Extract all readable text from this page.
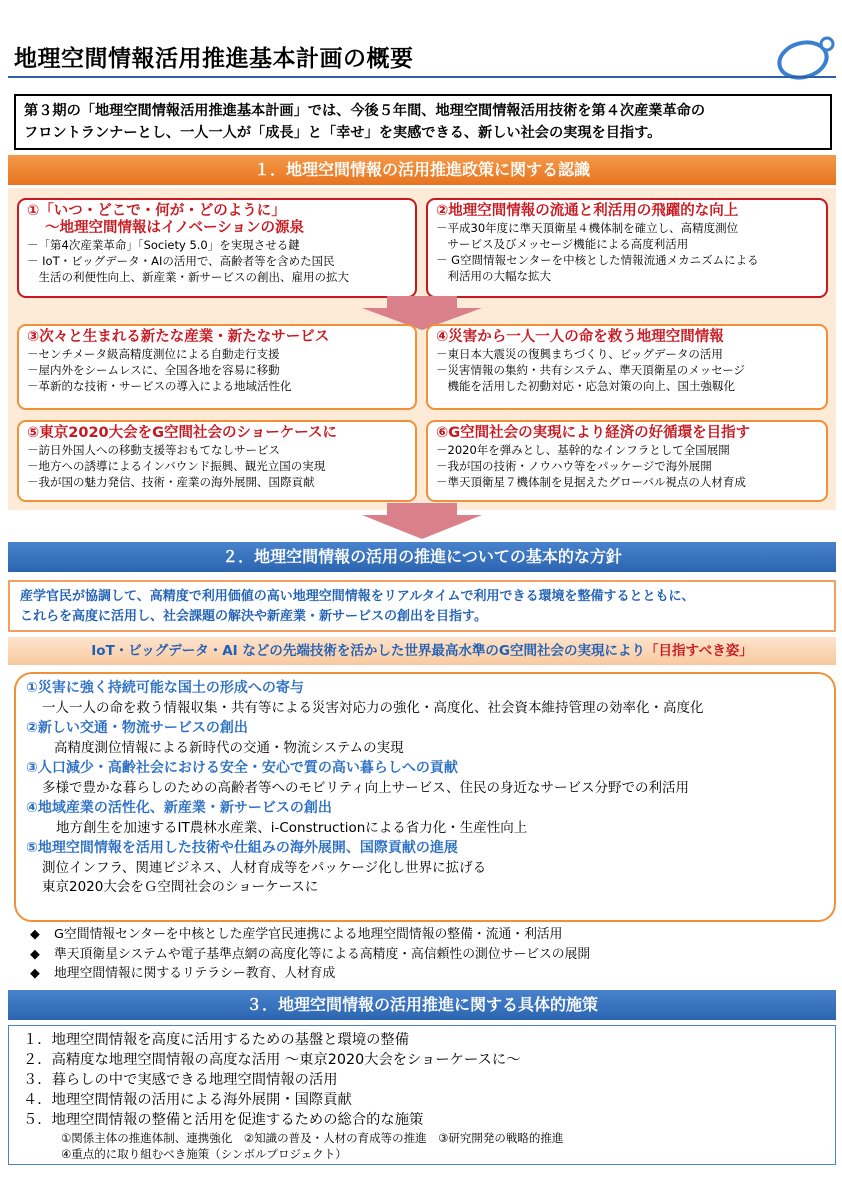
地理空間情報活用推進基本計画の概要
第３期の「地理空間情報活用推進基本計画」では、今後５年間、地理空間情報活用技術を第４次産業革命の
フロントランナーとし、一人一人が「成長」と「幸せ」を実感できる、新しい社会の実現を目指す。
１．地理空間情報の活用推進政策に関する認識
①「いつ・どこで・何が・どのように」
〜地理空間情報はイノベーションの源泉
－「第4次産業革命」「Society 5.0」を実現させる鍵
－ IoT・ビッグデータ・AIの活用で、高齢者等を含めた国民
　生活の利便性向上、新産業・新サービスの創出、雇用の拡大
②地理空間情報の流通と利活用の飛躍的な向上
－平成30年度に準天頂衛星４機体制を確立し、高精度測位
　サービス及びメッセージ機能による高度利活用
－ G空間情報センターを中核とした情報流通メカニズムによる
　利活用の大幅な拡大
③次々と生まれる新たな産業・新たなサービス
－センチメータ級高精度測位による自動走行支援
－屋内外をシームレスに、全国各地を容易に移動
－革新的な技術・サービスの導入による地域活性化
④災害から一人一人の命を救う地理空間情報
－東日本大震災の復興まちづくり、ビッグデータの活用
－災害情報の集約・共有システム、準天頂衛星のメッセージ
　機能を活用した初動対応・応急対策の向上、国土強靱化
⑤東京2020大会をG空間社会のショーケースに
－訪日外国人への移動支援等おもてなしサービス
－地方への誘導によるインバウンド振興、観光立国の実現
－我が国の魅力発信、技術・産業の海外展開、国際貢献
⑥G空間社会の実現により経済の好循環を目指す
－2020年を弾みとし、基幹的なインフラとして全国展開
－我が国の技術・ノウハウ等をパッケージで海外展開
－準天頂衛星７機体制を見据えたグローバル視点の人材育成
２．地理空間情報の活用の推進についての基本的な方針
産学官民が協調して、高精度で利用価値の高い地理空間情報をリアルタイムで利用できる環境を整備するとともに、
これらを高度に活用し、社会課題の解決や新産業・新サービスの創出を目指す。
IoT・ビッグデータ・AI などの先端技術を活かした世界最高水準のG空間社会の実現により「目指すべき姿」
①災害に強く持続可能な国土の形成への寄与
一人一人の命を救う情報収集・共有等による災害対応力の強化・高度化、社会資本維持管理の効率化・高度化
②新しい交通・物流サービスの創出
高精度測位情報による新時代の交通・物流システムの実現
③人口減少・高齢社会における安全・安心で質の高い暮らしへの貢献
多様で豊かな暮らしのための高齢者等へのモビリティ向上サービス、住民の身近なサービス分野での利活用
④地域産業の活性化、新産業・新サービスの創出
地方創生を加速するIT農林水産業、i-Constructionによる省力化・生産性向上
⑤地理空間情報を活用した技術や仕組みの海外展開、国際貢献の進展
測位インフラ、関連ビジネス、人材育成等をパッケージ化し世界に拡げる
東京2020大会をＧ空間社会のショーケースに
◆ G空間情報センターを中核とした産学官民連携による地理空間情報の整備・流通・利活用
◆ 準天頂衛星システムや電子基準点網の高度化等による高精度・高信頼性の測位サービスの展開
◆ 地理空間情報に関するリテラシー教育、人材育成
３．地理空間情報の活用推進に関する具体的施策
１．地理空間情報を高度に活用するための基盤と環境の整備
２．高精度な地理空間情報の高度な活用 〜東京2020大会をショーケースに〜
３．暮らしの中で実感できる地理空間情報の活用
４．地理空間情報の活用による海外展開・国際貢献
５．地理空間情報の整備と活用を促進するための総合的な施策
①関係主体の推進体制、連携強化　②知識の普及・人材の育成等の推進　③研究開発の戦略的推進
④重点的に取り組むべき施策（シンボルプロジェクト）
